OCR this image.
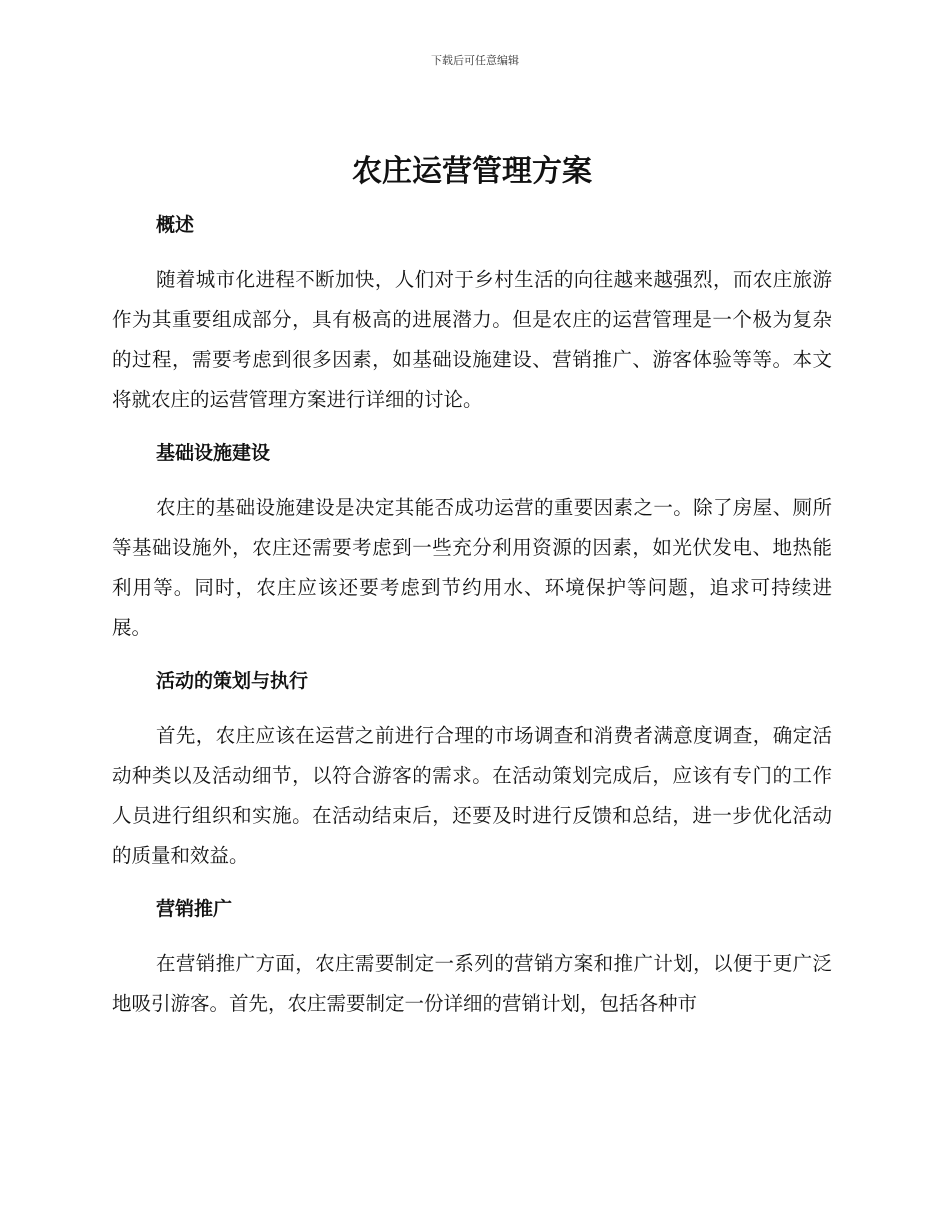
下载后可任意编辑
农庄运营管理方案
概述

随着城市化进程不断加快，人们对于乡村生活的向往越来越强烈，而农庄旅游作为其重要组成部分，具有极高的进展潜力。但是农庄的运营管理是一个极为复杂的过程，需要考虑到很多因素，如基础设施建设、营销推广、游客体验等等。本文将就农庄的运营管理方案进行详细的讨论。

基础设施建设

农庄的基础设施建设是决定其能否成功运营的重要因素之一。除了房屋、厕所等基础设施外，农庄还需要考虑到一些充分利用资源的因素，如光伏发电、地热能利用等。同时，农庄应该还要考虑到节约用水、环境保护等问题，追求可持续进展。

活动的策划与执行

首先，农庄应该在运营之前进行合理的市场调查和消费者满意度调查，确定活动种类以及活动细节，以符合游客的需求。在活动策划完成后，应该有专门的工作人员进行组织和实施。在活动结束后，还要及时进行反馈和总结，进一步优化活动的质量和效益。

营销推广

在营销推广方面，农庄需要制定一系列的营销方案和推广计划，以便于更广泛地吸引游客。首先，农庄需要制定一份详细的营销计划，包括各种市
